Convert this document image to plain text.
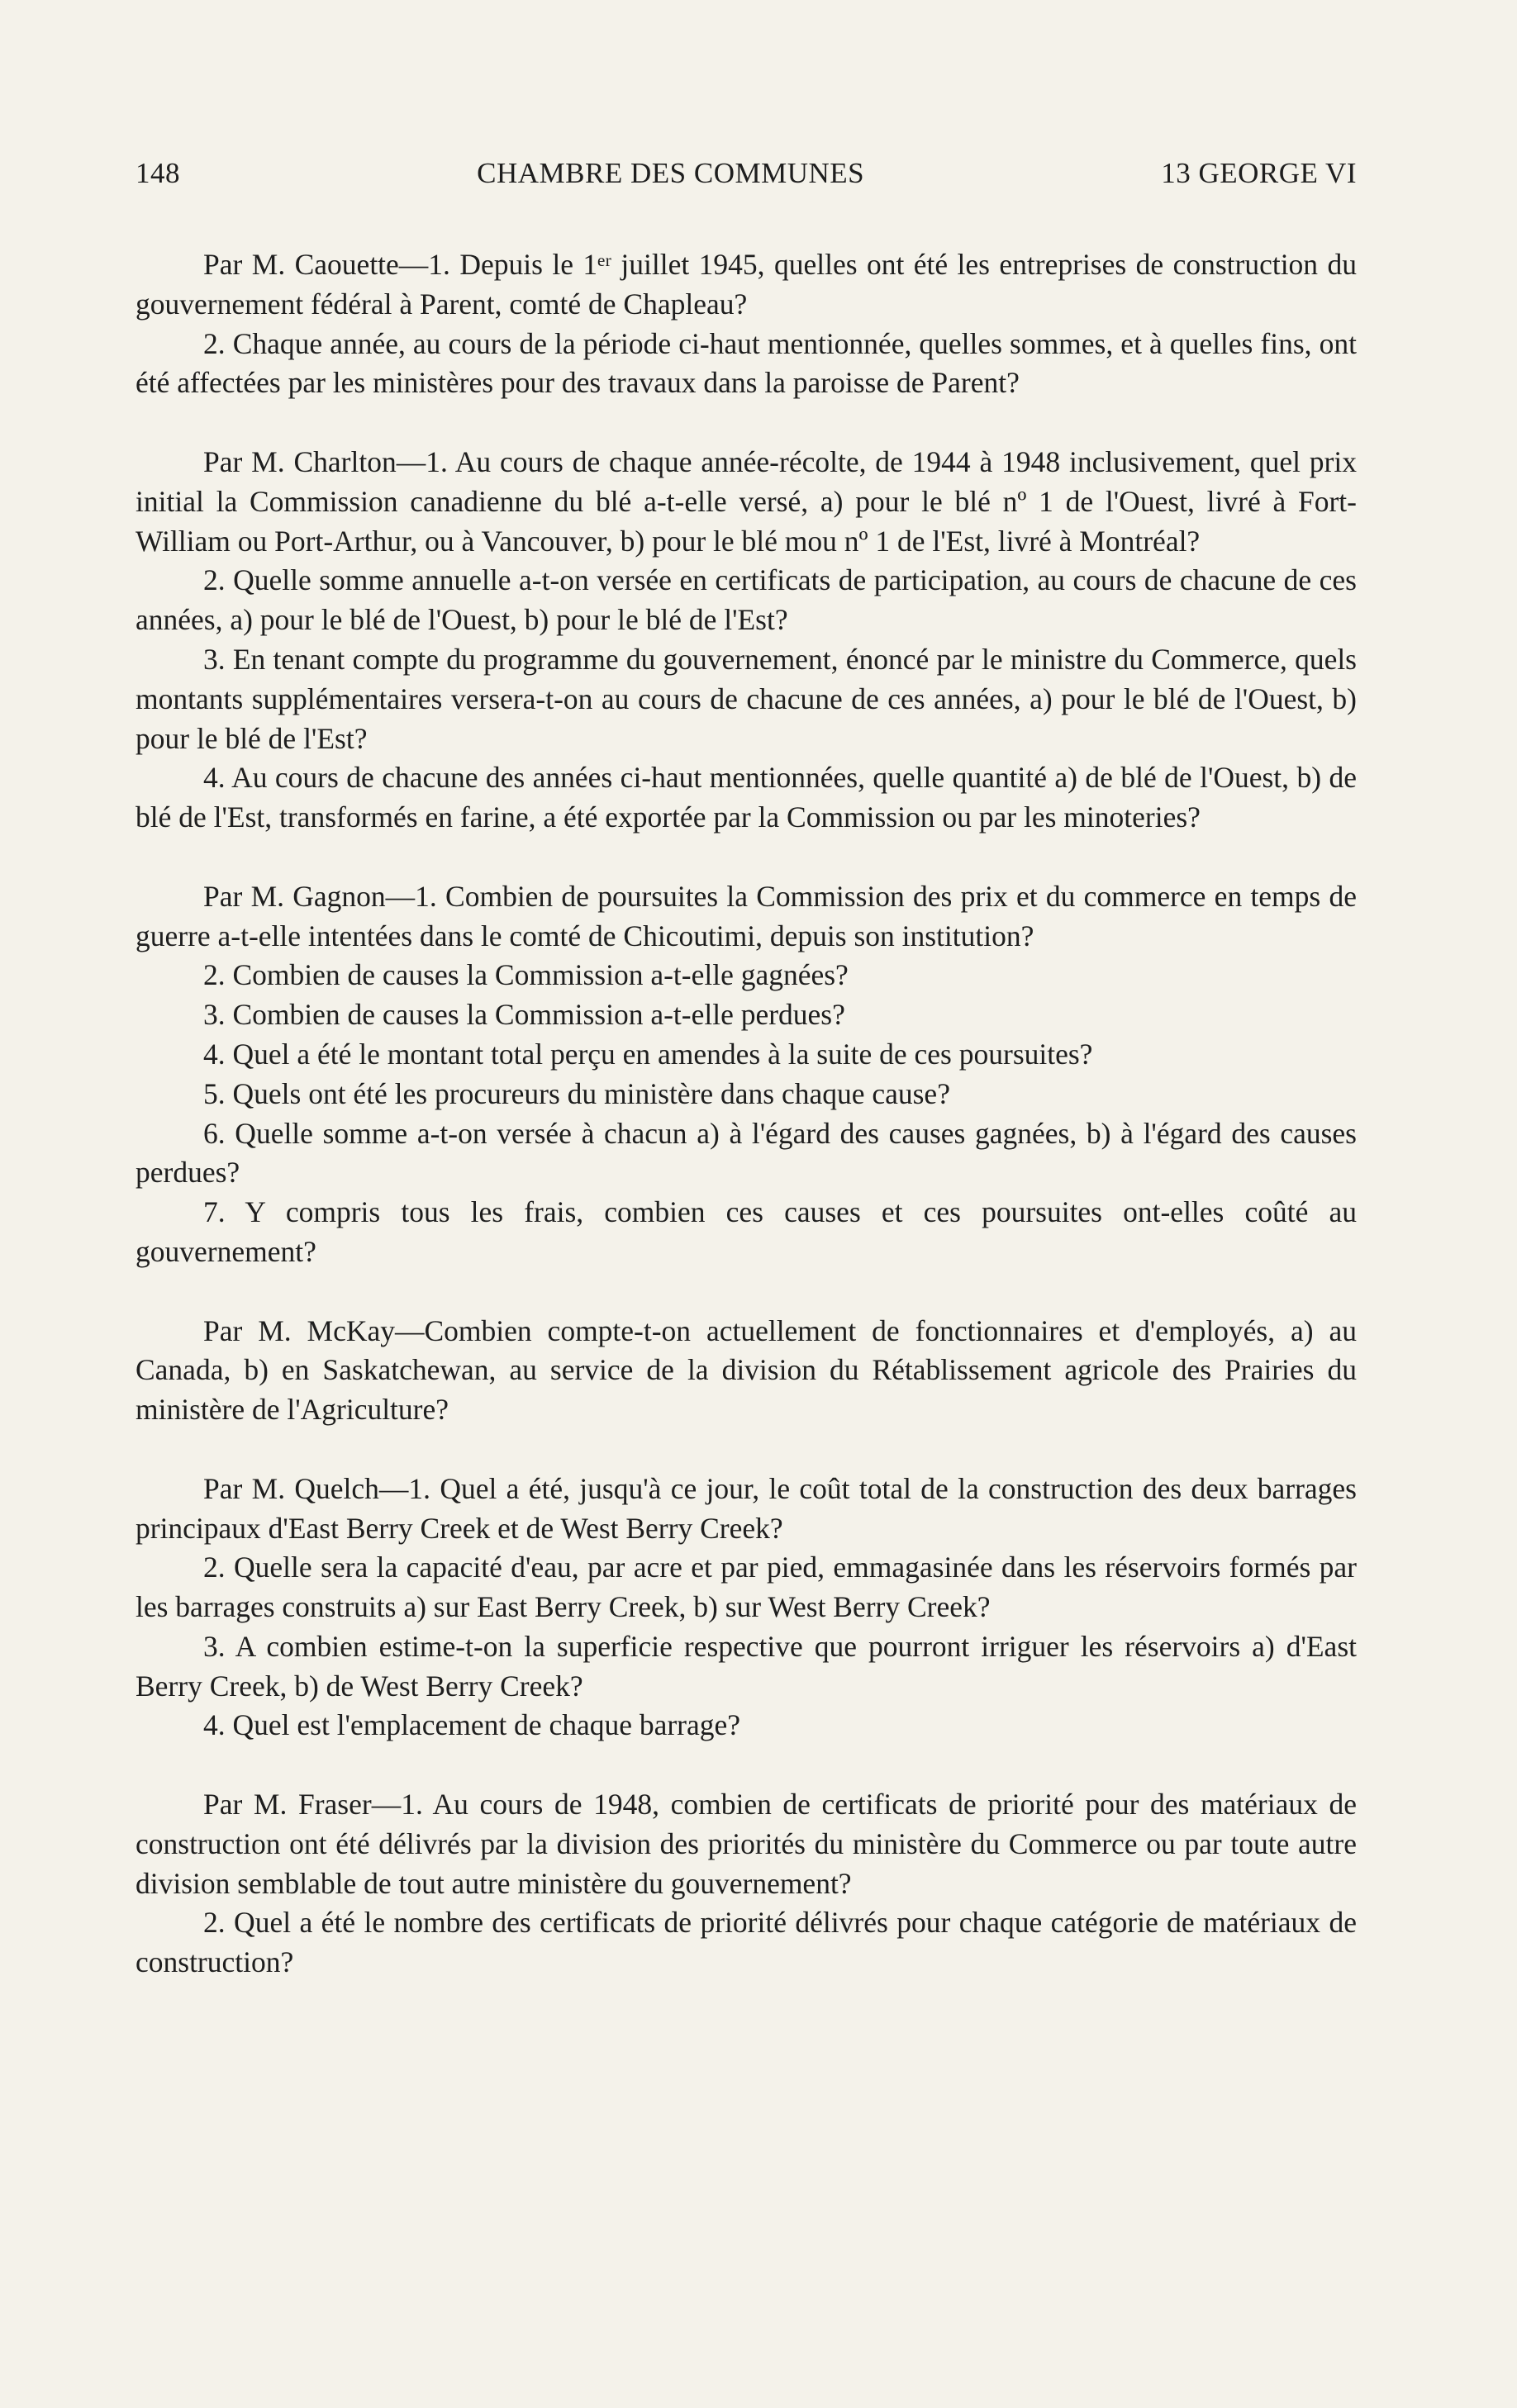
148	CHAMBRE DES COMMUNES	13 GEORGE VI

Par M. Caouette—1. Depuis le 1ᵉʳ juillet 1945, quelles ont été les entreprises de construction du gouvernement fédéral à Parent, comté de Chapleau?

2. Chaque année, au cours de la période ci-haut mentionnée, quelles sommes, et à quelles fins, ont été affectées par les ministères pour des travaux dans la paroisse de Parent?

Par M. Charlton—1. Au cours de chaque année-récolte, de 1944 à 1948 inclusivement, quel prix initial la Commission canadienne du blé a-t-elle versé, a) pour le blé nº 1 de l'Ouest, livré à Fort-William ou Port-Arthur, ou à Vancouver, b) pour le blé mou nº 1 de l'Est, livré à Montréal?

2. Quelle somme annuelle a-t-on versée en certificats de participation, au cours de chacune de ces années, a) pour le blé de l'Ouest, b) pour le blé de l'Est?

3. En tenant compte du programme du gouvernement, énoncé par le ministre du Commerce, quels montants supplémentaires versera-t-on au cours de chacune de ces années, a) pour le blé de l'Ouest, b) pour le blé de l'Est?

4. Au cours de chacune des années ci-haut mentionnées, quelle quantité a) de blé de l'Ouest, b) de blé de l'Est, transformés en farine, a été exportée par la Commission ou par les minoteries?

Par M. Gagnon—1. Combien de poursuites la Commission des prix et du commerce en temps de guerre a-t-elle intentées dans le comté de Chicoutimi, depuis son institution?

2. Combien de causes la Commission a-t-elle gagnées?

3. Combien de causes la Commission a-t-elle perdues?

4. Quel a été le montant total perçu en amendes à la suite de ces poursuites?

5. Quels ont été les procureurs du ministère dans chaque cause?

6. Quelle somme a-t-on versée à chacun a) à l'égard des causes gagnées, b) à l'égard des causes perdues?

7. Y compris tous les frais, combien ces causes et ces poursuites ont-elles coûté au gouvernement?

Par M. McKay—Combien compte-t-on actuellement de fonctionnaires et d'employés, a) au Canada, b) en Saskatchewan, au service de la division du Rétablissement agricole des Prairies du ministère de l'Agriculture?

Par M. Quelch—1. Quel a été, jusqu'à ce jour, le coût total de la construction des deux barrages principaux d'East Berry Creek et de West Berry Creek?

2. Quelle sera la capacité d'eau, par acre et par pied, emmagasinée dans les réservoirs formés par les barrages construits a) sur East Berry Creek, b) sur West Berry Creek?

3. A combien estime-t-on la superficie respective que pourront irriguer les réservoirs a) d'East Berry Creek, b) de West Berry Creek?

4. Quel est l'emplacement de chaque barrage?

Par M. Fraser—1. Au cours de 1948, combien de certificats de priorité pour des matériaux de construction ont été délivrés par la division des priorités du ministère du Commerce ou par toute autre division semblable de tout autre ministère du gouvernement?

2. Quel a été le nombre des certificats de priorité délivrés pour chaque catégorie de matériaux de construction?
